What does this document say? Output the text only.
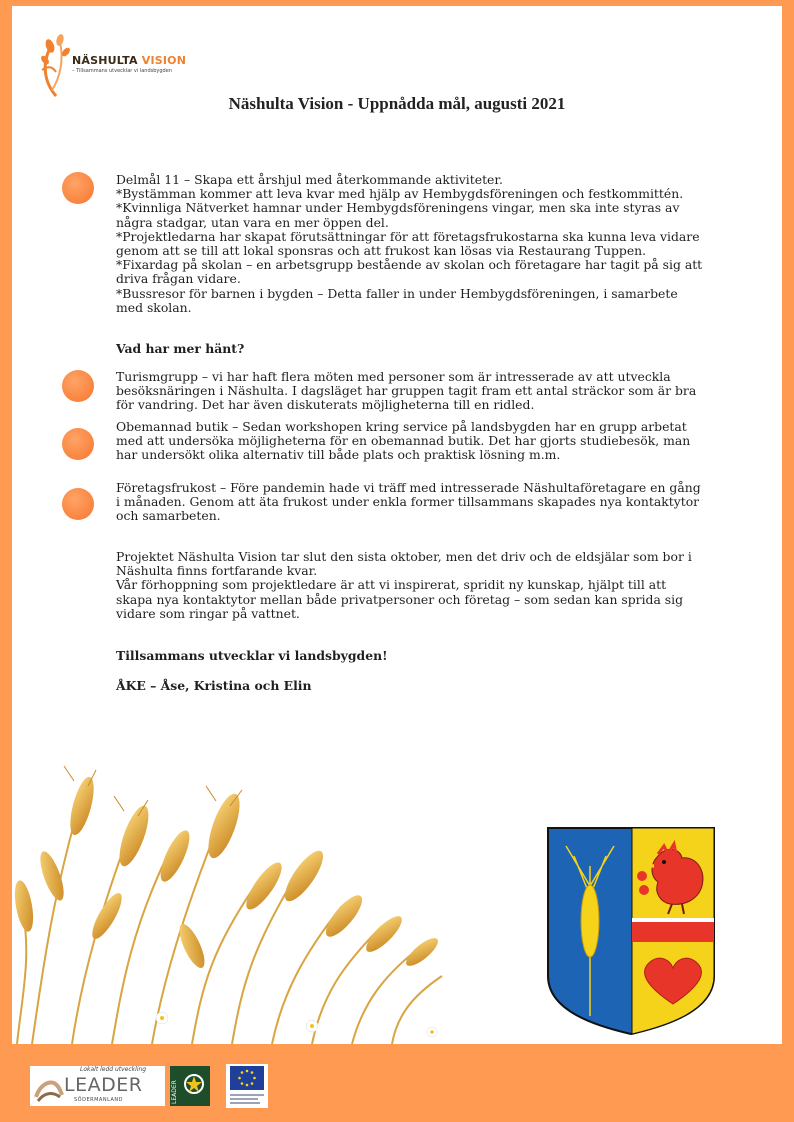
NÄSHULTA VISION
– Tillsammans utvecklar vi landsbygden
Näshulta Vision - Uppnådda mål, augusti 2021

Delmål 11 – Skapa ett årshjul med återkommande aktiviteter.
*Bystämman kommer att leva kvar med hjälp av Hembygdsföreningen och festkommittén.
*Kvinnliga Nätverket hamnar under Hembygdsföreningens vingar, men ska inte styras av
några stadgar, utan vara en mer öppen del.
*Projektledarna har skapat förutsättningar för att företagsfrukostarna ska kunna leva vidare
genom att se till att lokal sponsras och att frukost kan lösas via Restaurang Tuppen.
*Fixardag på skolan – en arbetsgrupp bestående av skolan och företagare har tagit på sig att
driva frågan vidare.
*Bussresor för barnen i bygden – Detta faller in under Hembygdsföreningen, i samarbete
med skolan.

Vad har mer hänt?

Turismgrupp – vi har haft flera möten med personer som är intresserade av att utveckla
besöksnäringen i Näshulta. I dagsläget har gruppen tagit fram ett antal sträckor som är bra
för vandring. Det har även diskuterats möjligheterna till en ridled.

Obemannad butik – Sedan workshopen kring service på landsbygden har en grupp arbetat
med att undersöka möjligheterna för en obemannad butik. Det har gjorts studiebesök, man
har undersökt olika alternativ till både plats och praktisk lösning m.m.

Företagsfrukost – Före pandemin hade vi träff med intresserade Näshultaföretagare en gång
i månaden. Genom att äta frukost under enkla former tillsammans skapades nya kontaktytor
och samarbeten.

Projektet Näshulta Vision tar slut den sista oktober, men det driv och de eldsjälar som bor i
Näshulta finns fortfarande kvar.
Vår förhoppning som projektledare är att vi inspirerat, spridit ny kunskap, hjälpt till att
skapa nya kontaktytor mellan både privatpersoner och företag – som sedan kan sprida sig
vidare som ringar på vattnet.

Tillsammans utvecklar vi landsbygden!

ÅKE – Åse, Kristina och Elin

Lokalt ledd utveckling
LEADER
SÖDERMANLAND	LEADER
